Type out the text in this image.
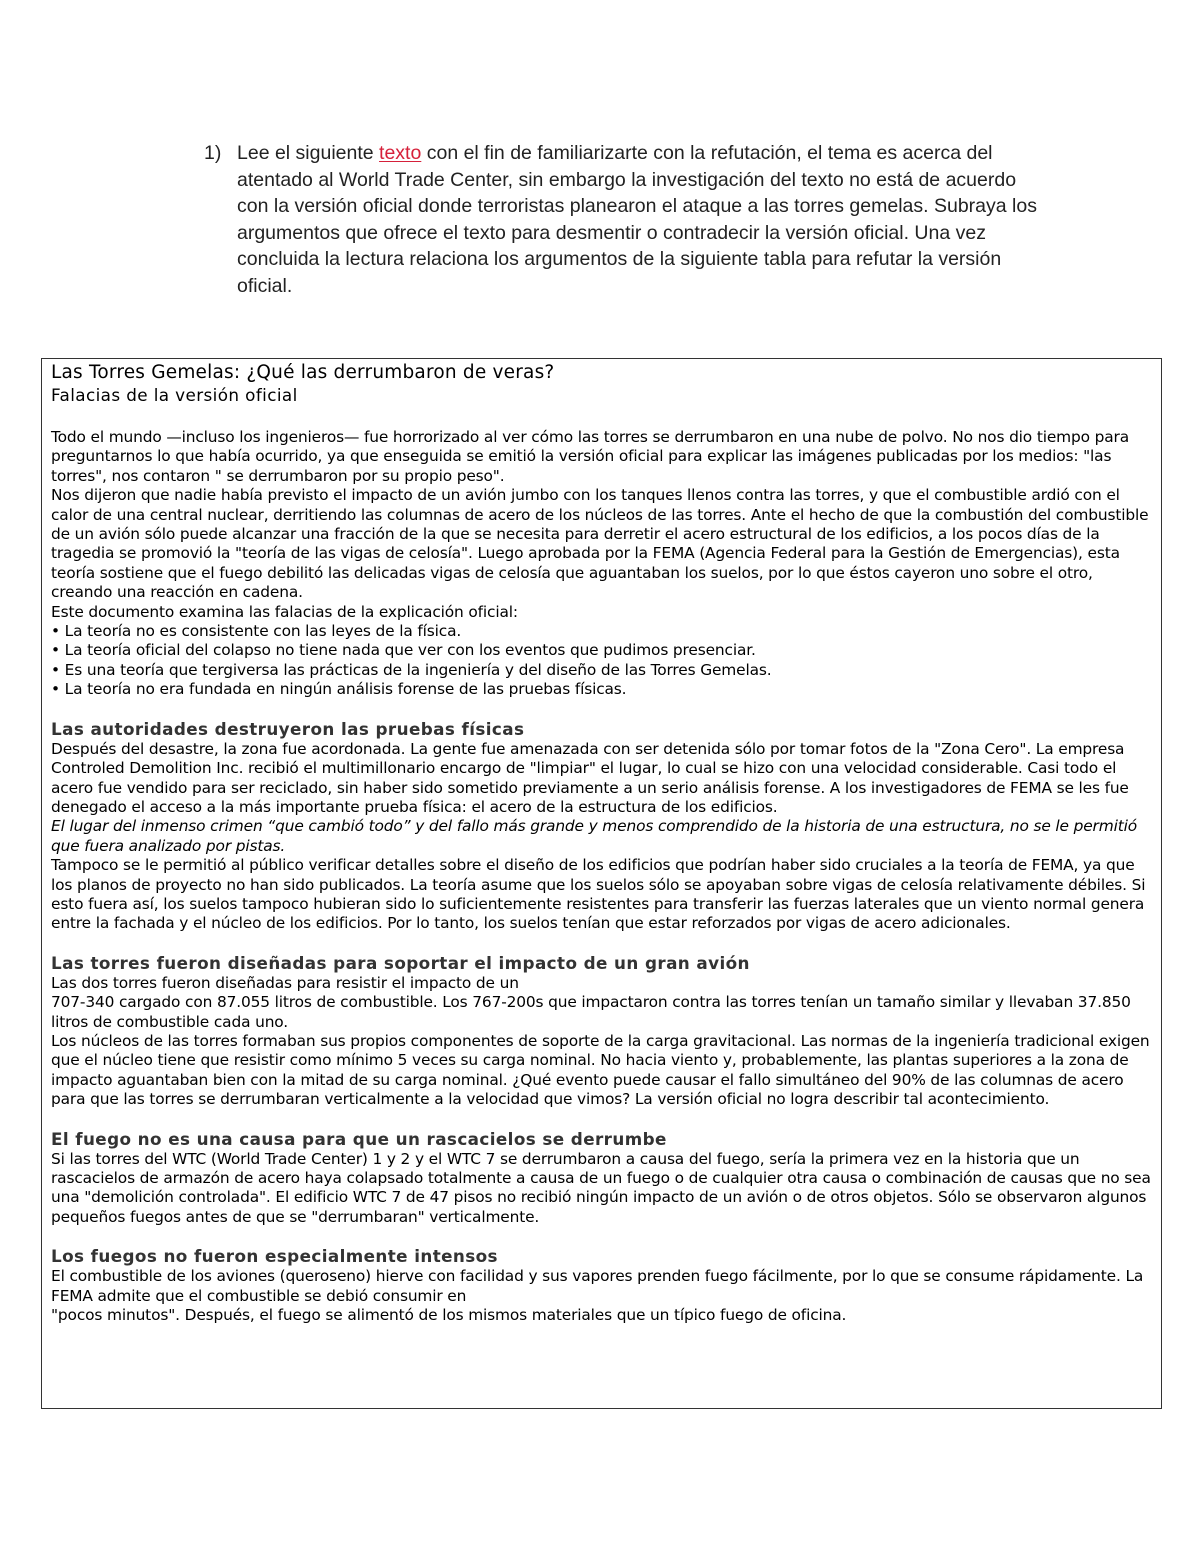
1) Lee el siguiente texto con el fin de familiarizarte con la refutación, el tema es acerca del atentado al World Trade Center, sin embargo la investigación del texto no está de acuerdo con la versión oficial donde terroristas planearon el ataque a las torres gemelas. Subraya los argumentos que ofrece el texto para desmentir o contradecir la versión oficial. Una vez concluida la lectura relaciona los argumentos de la siguiente tabla para refutar la versión oficial.

Las Torres Gemelas: ¿Qué las derrumbaron de veras?

Falacias de la versión oficial

Todo el mundo —incluso los ingenieros— fue horrorizado al ver cómo las torres se derrumbaron en una nube de polvo. No nos dio tiempo para preguntarnos lo que había ocurrido, ya que enseguida se emitió la versión oficial para explicar las imágenes publicadas por los medios: "las torres", nos contaron " se derrumbaron por su propio peso".

Nos dijeron que nadie había previsto el impacto de un avión jumbo con los tanques llenos contra las torres, y que el combustible ardió con el calor de una central nuclear, derritiendo las columnas de acero de los núcleos de las torres. Ante el hecho de que la combustión del combustible de un avión sólo puede alcanzar una fracción de la que se necesita para derretir el acero estructural de los edificios, a los pocos días de la tragedia se promovió la "teoría de las vigas de celosía". Luego aprobada por la FEMA (Agencia Federal para la Gestión de Emergencias), esta teoría sostiene que el fuego debilitó las delicadas vigas de celosía que aguantaban los suelos, por lo que éstos cayeron uno sobre el otro, creando una reacción en cadena.

Este documento examina las falacias de la explicación oficial:

• La teoría no es consistente con las leyes de la física.
• La teoría oficial del colapso no tiene nada que ver con los eventos que pudimos presenciar.
• Es una teoría que tergiversa las prácticas de la ingeniería y del diseño de las Torres Gemelas.
• La teoría no era fundada en ningún análisis forense de las pruebas físicas.

Las autoridades destruyeron las pruebas físicas

Después del desastre, la zona fue acordonada. La gente fue amenazada con ser detenida sólo por tomar fotos de la "Zona Cero". La empresa Controled Demolition Inc. recibió el multimillonario encargo de "limpiar" el lugar, lo cual se hizo con una velocidad considerable. Casi todo el acero fue vendido para ser reciclado, sin haber sido sometido previamente a un serio análisis forense. A los investigadores de FEMA se les fue denegado el acceso a la más importante prueba física: el acero de la estructura de los edificios.

El lugar del inmenso crimen “que cambió todo” y del fallo más grande y menos comprendido de la historia de una estructura, no se le permitió que fuera analizado por pistas.

Tampoco se le permitió al público verificar detalles sobre el diseño de los edificios que podrían haber sido cruciales a la teoría de FEMA, ya que los planos de proyecto no han sido publicados. La teoría asume que los suelos sólo se apoyaban sobre vigas de celosía relativamente débiles. Si esto fuera así, los suelos tampoco hubieran sido lo suficientemente resistentes para transferir las fuerzas laterales que un viento normal genera entre la fachada y el núcleo de los edificios. Por lo tanto, los suelos tenían que estar reforzados por vigas de acero adicionales.

Las torres fueron diseñadas para soportar el impacto de un gran avión

Las dos torres fueron diseñadas para resistir el impacto de un

707-340 cargado con 87.055 litros de combustible. Los 767-200s que impactaron contra las torres tenían un tamaño similar y llevaban 37.850 litros de combustible cada uno.

Los núcleos de las torres formaban sus propios componentes de soporte de la carga gravitacional. Las normas de la ingeniería tradicional exigen que el núcleo tiene que resistir como mínimo 5 veces su carga nominal. No hacia viento y, probablemente, las plantas superiores a la zona de impacto aguantaban bien con la mitad de su carga nominal. ¿Qué evento puede causar el fallo simultáneo del 90% de las columnas de acero para que las torres se derrumbaran verticalmente a la velocidad que vimos? La versión oficial no logra describir tal acontecimiento.

El fuego no es una causa para que un rascacielos se derrumbe

Si las torres del WTC (World Trade Center) 1 y 2 y el WTC 7 se derrumbaron a causa del fuego, sería la primera vez en la historia que un rascacielos de armazón de acero haya colapsado totalmente a causa de un fuego o de cualquier otra causa o combinación de causas que no sea una "demolición controlada". El edificio WTC 7 de 47 pisos no recibió ningún impacto de un avión o de otros objetos. Sólo se observaron algunos pequeños fuegos antes de que se "derrumbaran" verticalmente.

Los fuegos no fueron especialmente intensos

El combustible de los aviones (queroseno) hierve con facilidad y sus vapores prenden fuego fácilmente, por lo que se consume rápidamente. La FEMA admite que el combustible se debió consumir en

"pocos minutos". Después, el fuego se alimentó de los mismos materiales que un típico fuego de oficina.
